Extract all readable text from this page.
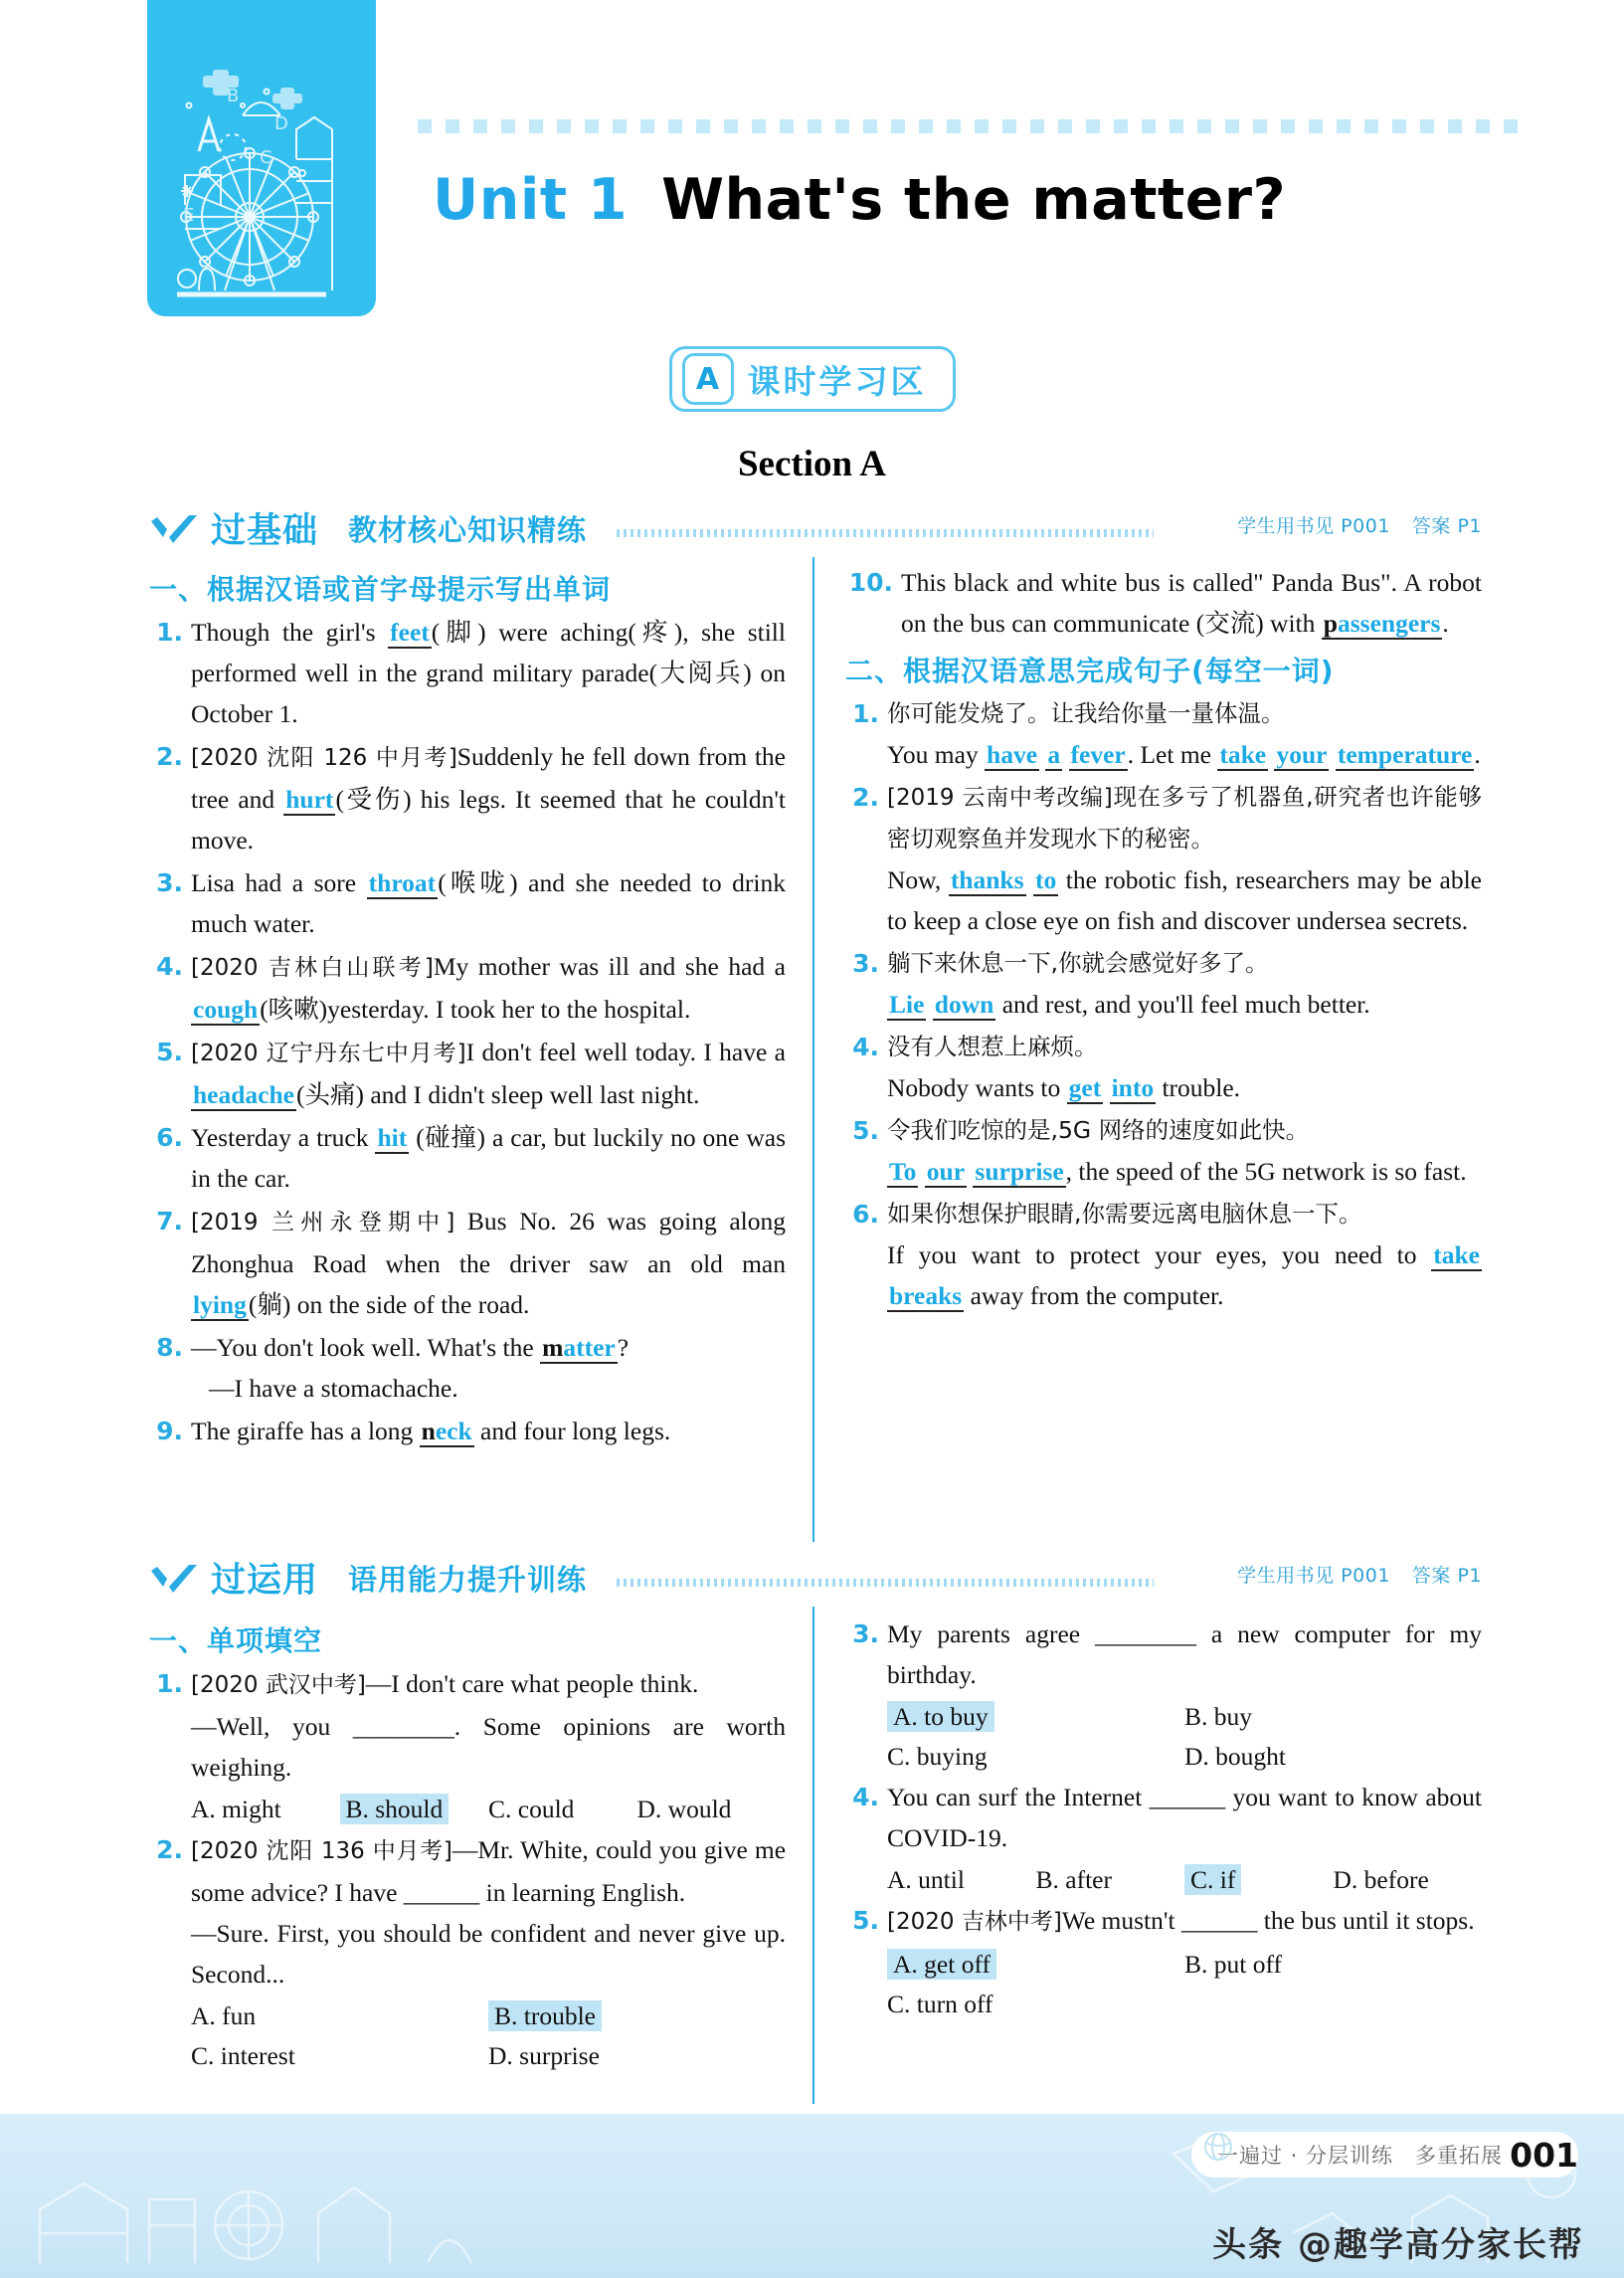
B
D
C
E	Unit 1 What's the matter?
A 课时学习区
Section A
过基础 教材核心知识精练	学生用书见 P001 答案 P1
过运用 语用能力提升训练	学生用书见 P001 答案 P1
一、根据汉语或首字母提示写出单词
1. Though the girl's feet(脚) were aching(疼), she still performed well in the grand military parade(大阅兵) on October 1.
2. [2020 沈阳 126 中月考]Suddenly he fell down from the tree and hurt(受伤) his legs. It seemed that he couldn't move.
3. Lisa had a sore throat(喉咙) and she needed to drink much water.
4. [2020 吉林白山联考]My mother was ill and she had a cough(咳嗽)yesterday. I took her to the hospital.
5. [2020 辽宁丹东七中月考]I don't feel well today. I have a headache(头痛) and I didn't sleep well last night.
6. Yesterday a truck hit (碰撞) a car, but luckily no one was in the car.
7. [2019 兰州永登期中] Bus No. 26 was going along Zhonghua Road when the driver saw an old man lying(躺) on the side of the road.
8. —You don't look well. What's the matter?
—I have a stomachache.
9. The giraffe has a long neck and four long legs.
10. This black and white bus is called" Panda Bus". A robot on the bus can communicate (交流) with passengers.
二、根据汉语意思完成句子(每空一词)
1. 你可能发烧了。让我给你量一量体温。
You may have a fever. Let me take your temperature.
2. [2019 云南中考改编]现在多亏了机器鱼,研究者也许能够密切观察鱼并发现水下的秘密。
Now, thanks to the robotic fish, researchers may be able to keep a close eye on fish and discover undersea secrets.
3. 躺下来休息一下,你就会感觉好多了。
Lie down and rest, and you'll feel much better.
4. 没有人想惹上麻烦。
Nobody wants to get into trouble.
5. 令我们吃惊的是,5G 网络的速度如此快。
To our surprise, the speed of the 5G network is so fast.
6. 如果你想保护眼睛,你需要远离电脑休息一下。
If you want to protect your eyes, you need to take breaks away from the computer.
一、单项填空
1. [2020 武汉中考]—I don't care what people think.
—Well, you ________. Some opinions are worth weighing.
A. might	B. should	C. could	D. would
2. [2020 沈阳 136 中月考]—Mr. White, could you give me some advice? I have ______ in learning English.
—Sure. First, you should be confident and never give up. Second...
A. fun	B. trouble
C. interest	D. surprise
3. My parents agree ________ a new computer for my birthday.
A. to buy	B. buy
C. buying	D. bought
4. You can surf the Internet ______ you want to know about COVID-19.
A. until	B. after	C. if	D. before
5. [2020 吉林中考]We mustn't ______ the bus until it stops.
A. get off	B. put off
C. turn off
一遍过 · 分层训练　多重拓展 001
头条 @趣学高分家长帮
